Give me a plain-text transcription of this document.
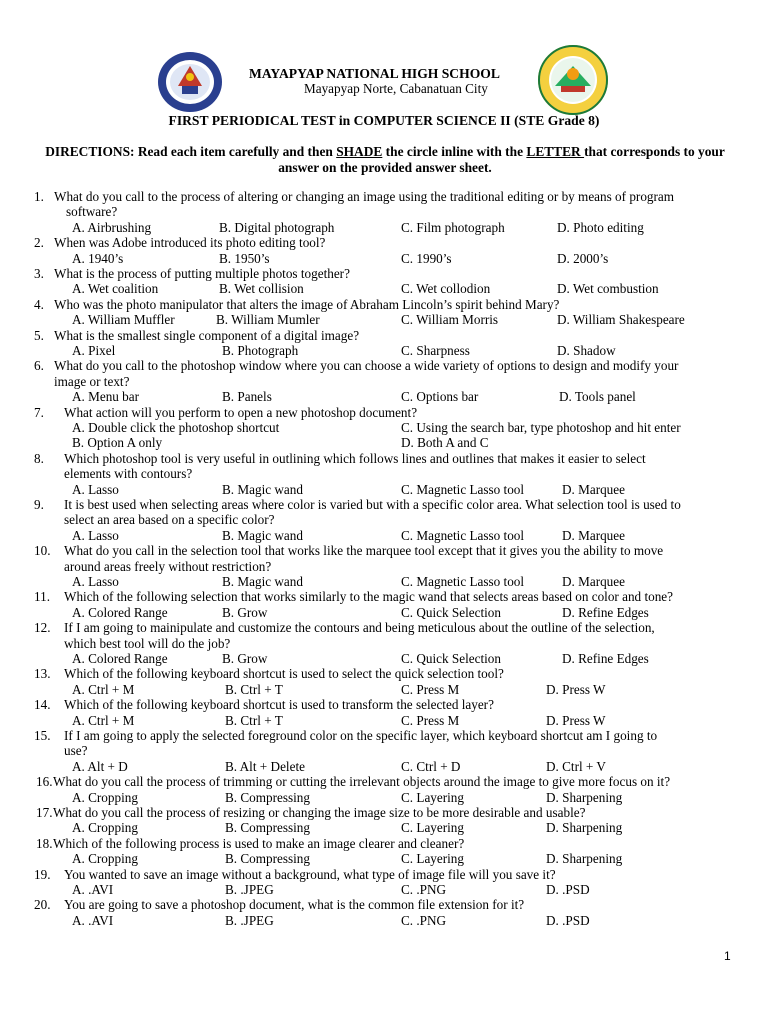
MAYAPYAP NATIONAL HIGH SCHOOL
Mayapyap Norte, Cabanatuan City
FIRST PERIODICAL TEST in COMPUTER SCIENCE II (STE Grade 8)
DIRECTIONS: Read each item carefully and then SHADE the circle inline with the LETTER that corresponds to your answer on the provided answer sheet.
1. What do you call to the process of altering or changing an image using the traditional editing or by means of program
software?
A. Airbrushing	B. Digital photograph	C. Film photograph	D. Photo editing
2. When was Adobe introduced its photo editing tool?
A. 1940’s	B. 1950’s	C. 1990’s	D. 2000’s
3. What is the process of putting multiple photos together?
A. Wet coalition	B. Wet collision	C. Wet collodion	D. Wet combustion
4. Who was the photo manipulator that alters the image of Abraham Lincoln’s spirit behind Mary?
A. William Muffler	B. William Mumler	C. William Morris	D. William Shakespeare
5. What is the smallest single component of a digital image?
A. Pixel	B. Photograph	C. Sharpness	D. Shadow
6. What do you call to the photoshop window where you can choose a wide variety of options to design and modify your
image or text?
A. Menu bar	B. Panels	C. Options bar	D. Tools panel
7. What action will you perform to open a new photoshop document?
A. Double click the photoshop shortcut	C. Using the search bar, type photoshop and hit enter
B. Option A only	D. Both A and C
8. Which photoshop tool is very useful in outlining which follows lines and outlines that makes it easier to select
elements with contours?
A. Lasso	B. Magic wand	C. Magnetic Lasso tool	D. Marquee
9. It is best used when selecting areas where color is varied but with a specific color area. What selection tool is used to
select an area based on a specific color?
A. Lasso	B. Magic wand	C. Magnetic Lasso tool	D. Marquee
10. What do you call in the selection tool that works like the marquee tool except that it gives you the ability to move
around areas freely without restriction?
A. Lasso	B. Magic wand	C. Magnetic Lasso tool	D. Marquee
11. Which of the following selection that works similarly to the magic wand that selects areas based on color and tone?
A. Colored Range	B. Grow	C. Quick Selection	D. Refine Edges
12. If I am going to mainipulate and customize the contours and being meticulous about the outline of the selection,
which best tool will do the job?
A. Colored Range	B. Grow	C. Quick Selection	D. Refine Edges
13. Which of the following keyboard shortcut is used to select the quick selection tool?
A. Ctrl + M	B. Ctrl + T	C. Press M	D. Press W
14. Which of the following keyboard shortcut is used to transform the selected layer?
A. Ctrl + M	B. Ctrl + T	C. Press M	D. Press W
15. If I am going to apply the selected foreground color on the specific layer, which keyboard shortcut am I going to
use?
A. Alt + D	B. Alt + Delete	C. Ctrl + D	D. Ctrl + V
16. What do you call the process of trimming or cutting the irrelevant objects around the image to give more focus on it?
A. Cropping	B. Compressing	C. Layering	D. Sharpening
17. What do you call the process of resizing or changing the image size to be more desirable and usable?
A. Cropping	B. Compressing	C. Layering	D. Sharpening
18. Which of the following process is used to make an image clearer and cleaner?
A. Cropping	B. Compressing	C. Layering	D. Sharpening
19. You wanted to save an image without a background, what type of image file will you save it?
A. .AVI	B. .JPEG	C. .PNG	D. .PSD
20. You are going to save a photoshop document, what is the common file extension for it?
A. .AVI	B. .JPEG	C. .PNG	D. .PSD
1
